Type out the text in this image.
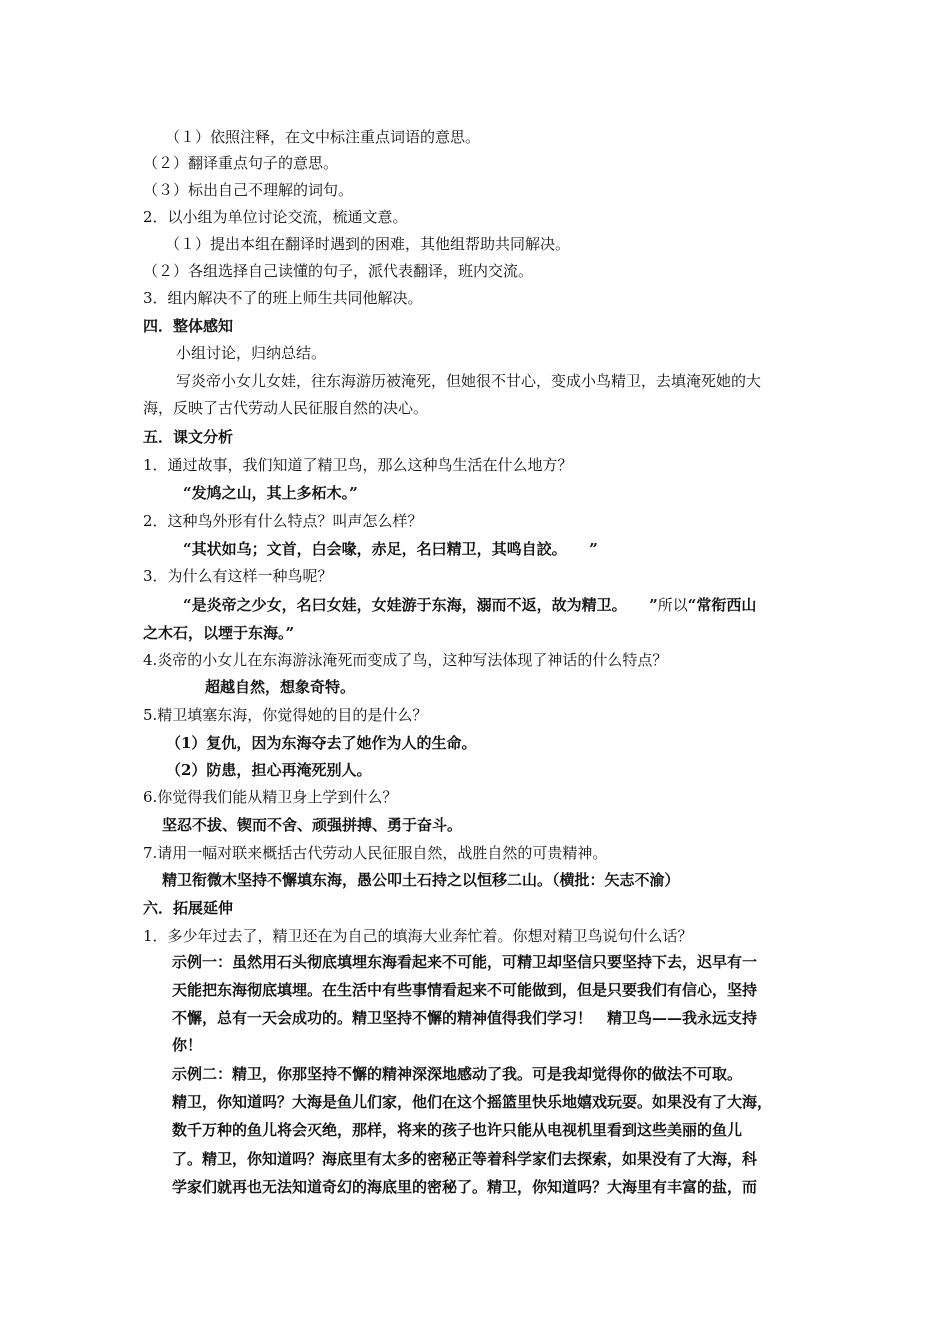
（１）依照注释，在文中标注重点词语的意思。
（２）翻译重点句子的意思。
（３）标出自己不理解的词句。
2．以小组为单位讨论交流，梳通文意。
（１）提出本组在翻译时遇到的困难，其他组帮助共同解决。
（２）各组选择自己读懂的句子，派代表翻译，班内交流。
3．组内解决不了的班上师生共同他解决。
四．整体感知
小组讨论，归纳总结。
写炎帝小女儿女娃，往东海游历被淹死，但她很不甘心，变成小鸟精卫，去填淹死她的大
海，反映了古代劳动人民征服自然的决心。
五．课文分析
1．通过故事，我们知道了精卫鸟，那么这种鸟生活在什么地方？
“发鸠之山，其上多柘木。”
2．这种鸟外形有什么特点？叫声怎么样？
“其状如乌；文首，白会喙，赤足，名曰精卫，其鸣自詨。　　”
3．为什么有这样一种鸟呢？
“是炎帝之少女，名曰女娃，女娃游于东海，溺而不返，故为精卫。　　”所以“常衔西山
之木石，以堙于东海。”
4.炎帝的小女儿在东海游泳淹死而变成了鸟，这种写法体现了神话的什么特点？
超越自然，想象奇特。
5.精卫填塞东海，你觉得她的目的是什么？
（1）复仇，因为东海夺去了她作为人的生命。
（2）防患，担心再淹死别人。
6.你觉得我们能从精卫身上学到什么？
坚忍不拔、锲而不舍、顽强拼搏、勇于奋斗。
7.请用一幅对联来概括古代劳动人民征服自然，战胜自然的可贵精神。
精卫衔微木坚持不懈填东海，愚公叩土石持之以恒移二山。（横批：矢志不渝）
六．拓展延伸
1．多少年过去了，精卫还在为自己的填海大业奔忙着。你想对精卫鸟说句什么话？
示例一：虽然用石头彻底填埋东海看起来不可能，可精卫却坚信只要坚持下去，迟早有一
天能把东海彻底填埋。在生活中有些事情看起来不可能做到，但是只要我们有信心，坚持
不懈，总有一天会成功的。精卫坚持不懈的精神值得我们学习！　精卫鸟——我永远支持
你！
示例二：精卫，你那坚持不懈的精神深深地感动了我。可是我却觉得你的做法不可取。
精卫，你知道吗？大海是鱼儿们家，他们在这个摇篮里快乐地嬉戏玩耍。如果没有了大海，
数千万种的鱼儿将会灭绝，那样，将来的孩子也许只能从电视机里看到这些美丽的鱼儿
了。精卫，你知道吗？海底里有太多的密秘正等着科学家们去探索，如果没有了大海，科
学家们就再也无法知道奇幻的海底里的密秘了。精卫，你知道吗？大海里有丰富的盐，而
